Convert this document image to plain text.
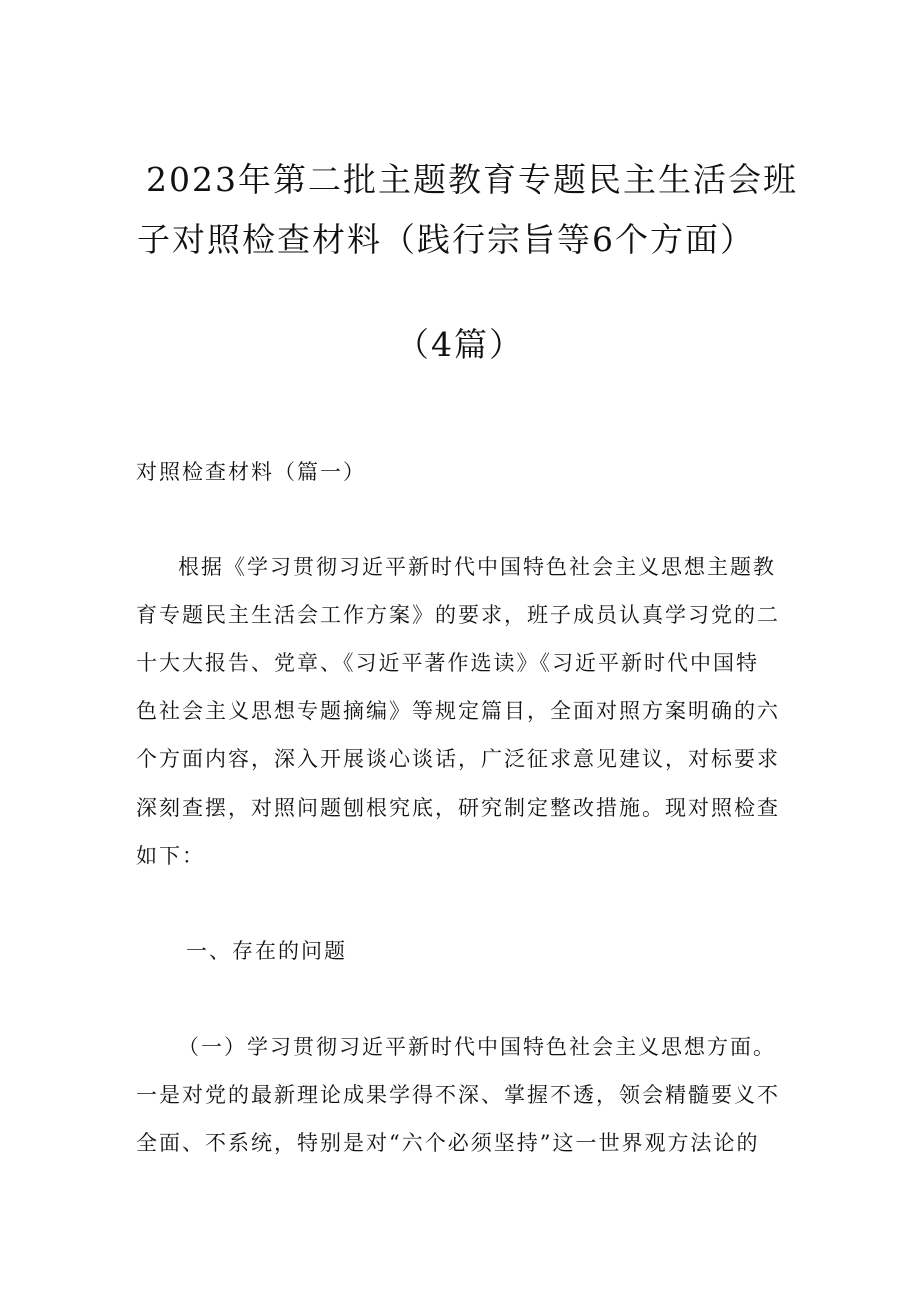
2023年第二批主题教育专题民主生活会班
子对照检查材料（践行宗旨等6个方面）
（4篇）
对照检查材料（篇一）
根据《学习贯彻习近平新时代中国特色社会主义思想主题教
育专题民主生活会工作方案》的要求，班子成员认真学习党的二
十大大报告、党章、《习近平著作选读》《习近平新时代中国特
色社会主义思想专题摘编》等规定篇目，全面对照方案明确的六
个方面内容，深入开展谈心谈话，广泛征求意见建议，对标要求
深刻查摆，对照问题刨根究底，研究制定整改措施。现对照检查
如下：
一、存在的问题
（一）学习贯彻习近平新时代中国特色社会主义思想方面。
一是对党的最新理论成果学得不深、掌握不透，领会精髓要义不
全面、不系统，特别是对“六个必须坚持”这一世界观方法论的
